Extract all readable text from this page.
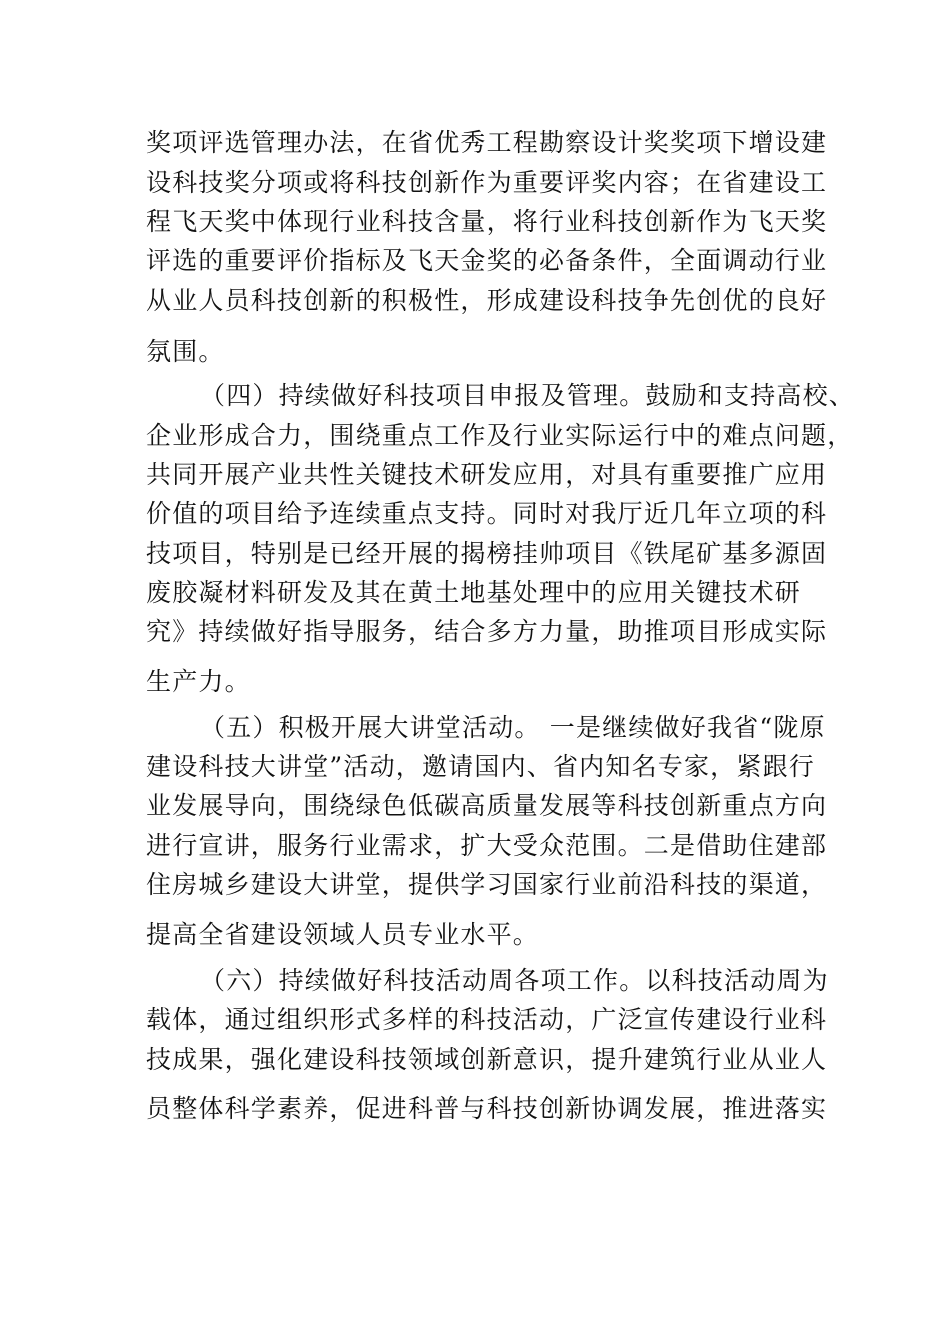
奖项评选管理办法，在省优秀工程勘察设计奖奖项下增设建
设科技奖分项或将科技创新作为重要评奖内容；在省建设工
程飞天奖中体现行业科技含量，将行业科技创新作为飞天奖
评选的重要评价指标及飞天金奖的必备条件，全面调动行业
从业人员科技创新的积极性，形成建设科技争先创优的良好
氛围。
（四）持续做好科技项目申报及管理。鼓励和支持高校、
企业形成合力，围绕重点工作及行业实际运行中的难点问题，
共同开展产业共性关键技术研发应用，对具有重要推广应用
价值的项目给予连续重点支持。同时对我厅近几年立项的科
技项目，特别是已经开展的揭榜挂帅项目《铁尾矿基多源固
废胶凝材料研发及其在黄土地基处理中的应用关键技术研
究》持续做好指导服务，结合多方力量，助推项目形成实际
生产力。
（五）积极开展大讲堂活动。 一是继续做好我省“陇原
建设科技大讲堂”活动，邀请国内、省内知名专家，紧跟行
业发展导向，围绕绿色低碳高质量发展等科技创新重点方向
进行宣讲，服务行业需求，扩大受众范围。二是借助住建部
住房城乡建设大讲堂，提供学习国家行业前沿科技的渠道，
提高全省建设领域人员专业水平。
（六）持续做好科技活动周各项工作。以科技活动周为
载体，通过组织形式多样的科技活动，广泛宣传建设行业科
技成果，强化建设科技领域创新意识，提升建筑行业从业人
员整体科学素养，促进科普与科技创新协调发展，推进落实
